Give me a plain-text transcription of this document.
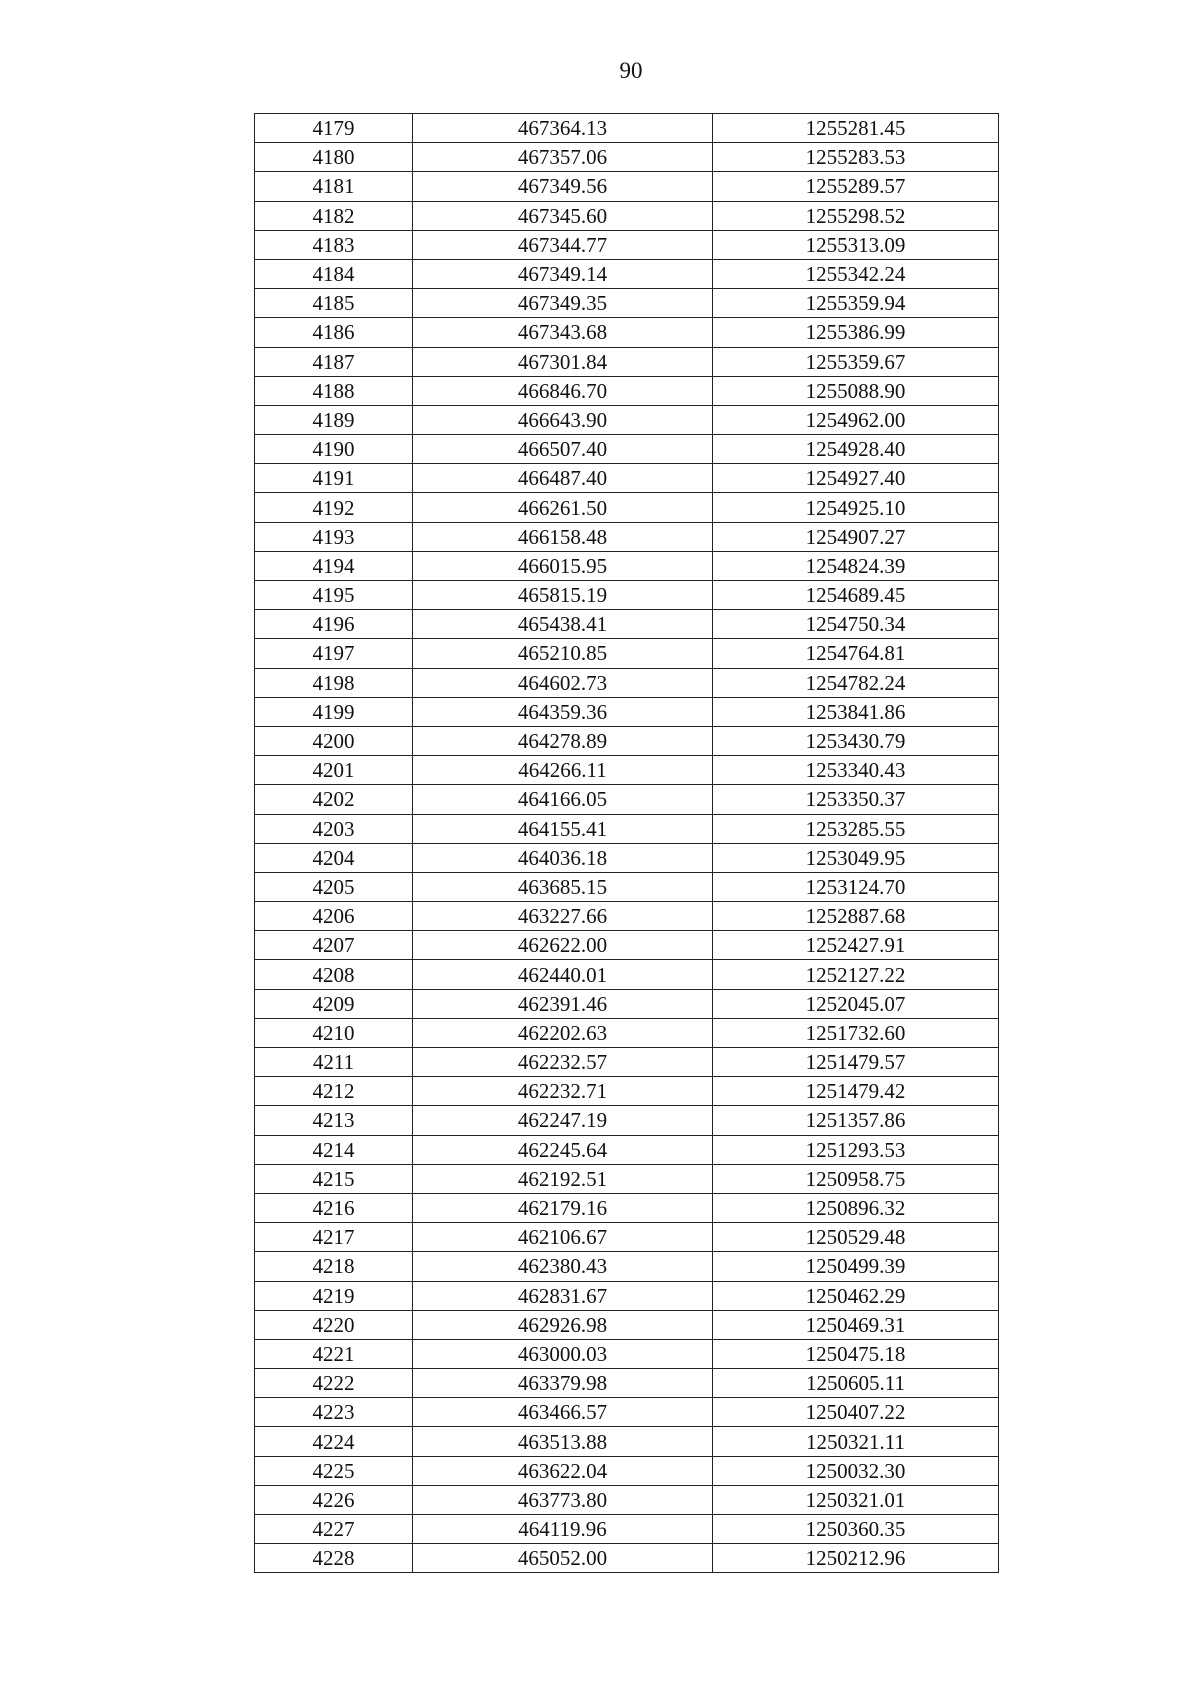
90
4179	467364.13	1255281.45
4180	467357.06	1255283.53
4181	467349.56	1255289.57
4182	467345.60	1255298.52
4183	467344.77	1255313.09
4184	467349.14	1255342.24
4185	467349.35	1255359.94
4186	467343.68	1255386.99
4187	467301.84	1255359.67
4188	466846.70	1255088.90
4189	466643.90	1254962.00
4190	466507.40	1254928.40
4191	466487.40	1254927.40
4192	466261.50	1254925.10
4193	466158.48	1254907.27
4194	466015.95	1254824.39
4195	465815.19	1254689.45
4196	465438.41	1254750.34
4197	465210.85	1254764.81
4198	464602.73	1254782.24
4199	464359.36	1253841.86
4200	464278.89	1253430.79
4201	464266.11	1253340.43
4202	464166.05	1253350.37
4203	464155.41	1253285.55
4204	464036.18	1253049.95
4205	463685.15	1253124.70
4206	463227.66	1252887.68
4207	462622.00	1252427.91
4208	462440.01	1252127.22
4209	462391.46	1252045.07
4210	462202.63	1251732.60
4211	462232.57	1251479.57
4212	462232.71	1251479.42
4213	462247.19	1251357.86
4214	462245.64	1251293.53
4215	462192.51	1250958.75
4216	462179.16	1250896.32
4217	462106.67	1250529.48
4218	462380.43	1250499.39
4219	462831.67	1250462.29
4220	462926.98	1250469.31
4221	463000.03	1250475.18
4222	463379.98	1250605.11
4223	463466.57	1250407.22
4224	463513.88	1250321.11
4225	463622.04	1250032.30
4226	463773.80	1250321.01
4227	464119.96	1250360.35
4228	465052.00	1250212.96
